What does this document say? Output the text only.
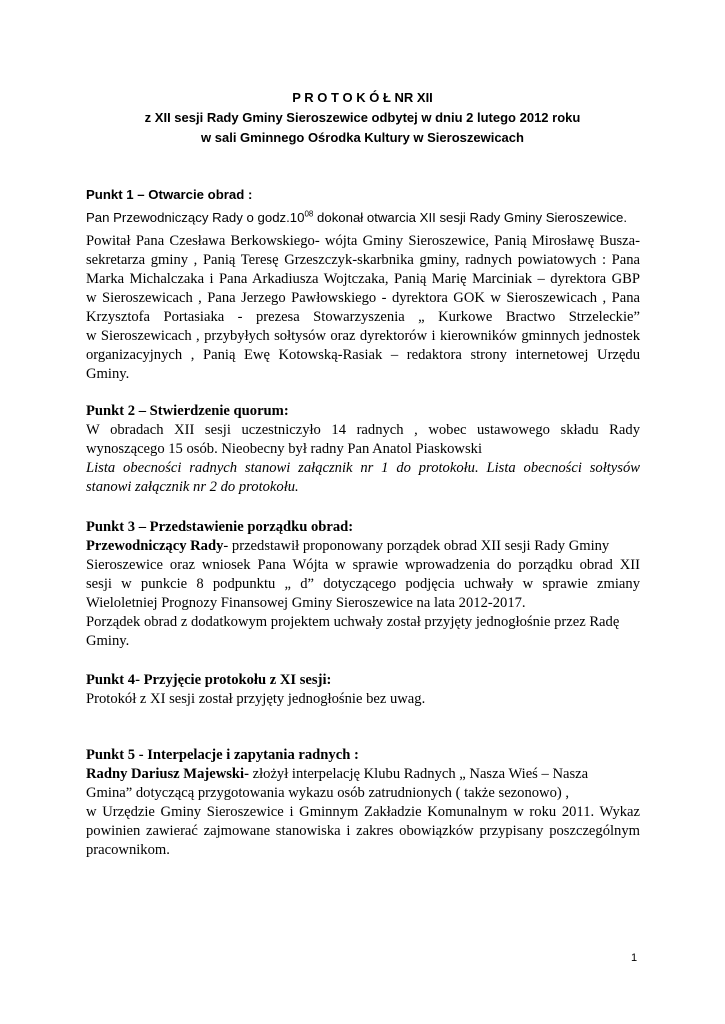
P R O T O K Ó Ł NR XII
z XII sesji Rady Gminy Sieroszewice odbytej w dniu 2 lutego 2012 roku
w sali Gminnego Ośrodka Kultury w Sieroszewicach
Punkt 1 – Otwarcie obrad :
Pan Przewodniczący Rady o $godz.10^{08}$ dokonał otwarcia XII sesji Rady Gminy Sieroszewice.
Powitał Pana Czesława Berkowskiego- wójta Gminy Sieroszewice, Panią Mirosławę Busza-
sekretarza gminy , Panią Teresę Grzeszczyk-skarbnika gminy, radnych powiatowych : Pana
Marka Michalczaka i Pana Arkadiusza Wojtczaka, Panią Marię Marciniak – dyrektora GBP
w Sieroszewicach , Pana Jerzego Pawłowskiego - dyrektora GOK w Sieroszewicach , Pana
Krzysztofa Portasiaka - prezesa Stowarzyszenia „ Kurkowe Bractwo Strzeleckie”
w Sieroszewicach , przybyłych sołtysów oraz dyrektorów i kierowników gminnych jednostek
organizacyjnych , Panią Ewę Kotowską-Rasiak – redaktora strony internetowej Urzędu
Gminy.
Punkt 2 – Stwierdzenie quorum:
W obradach XII sesji uczestniczyło 14 radnych , wobec ustawowego składu Rady
wynoszącego 15 osób. Nieobecny był radny Pan Anatol Piaskowski
Lista obecności radnych stanowi załącznik nr 1 do protokołu. Lista obecności sołtysów
stanowi załącznik nr 2 do protokołu.
Punkt 3 – Przedstawienie porządku obrad:
Przewodniczący Rady- przedstawił proponowany porządek obrad XII sesji Rady Gminy
Sieroszewice oraz wniosek Pana Wójta w sprawie wprowadzenia do porządku obrad XII
sesji w punkcie 8 podpunktu „ d” dotyczącego podjęcia uchwały w sprawie zmiany
Wieloletniej Prognozy Finansowej Gminy Sieroszewice na lata 2012-2017.
Porządek obrad z dodatkowym projektem uchwały został przyjęty jednogłośnie przez Radę
Gminy.
Punkt 4- Przyjęcie protokołu z XI sesji:
Protokół z XI sesji został przyjęty jednogłośnie bez uwag.
Punkt 5 - Interpelacje i zapytania radnych :
Radny Dariusz Majewski- złożył interpelację Klubu Radnych „ Nasza Wieś – Nasza
Gmina” dotyczącą przygotowania wykazu osób zatrudnionych ( także sezonowo) ,
w Urzędzie Gminy Sieroszewice i Gminnym Zakładzie Komunalnym w roku 2011. Wykaz
powinien zawierać zajmowane stanowiska i zakres obowiązków przypisany poszczególnym
pracownikom.
1
